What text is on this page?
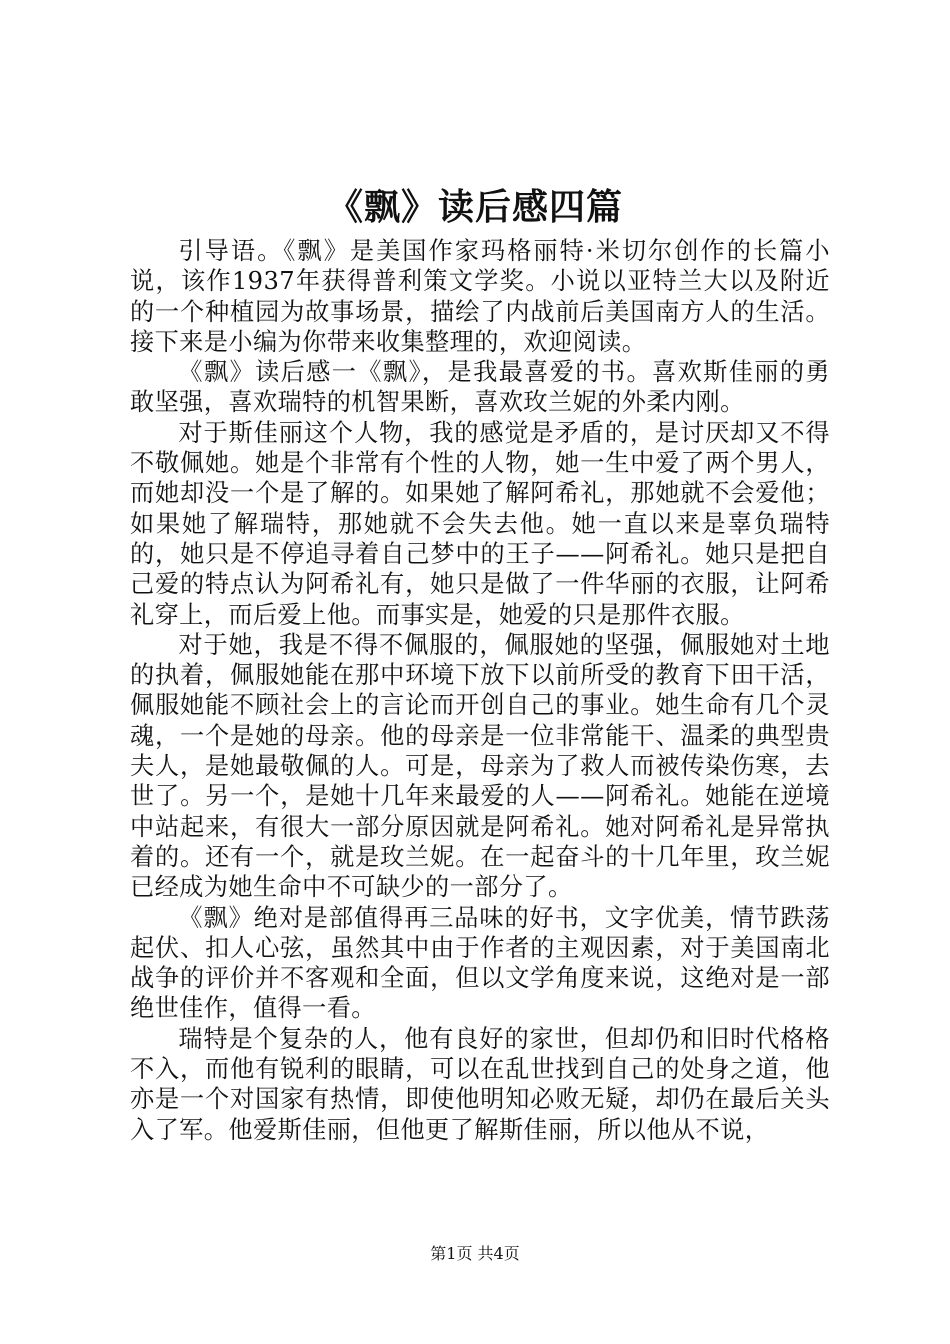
《飘》读后感四篇

引导语。《飘》是美国作家玛格丽特·米切尔创作的长篇小说，该作1937年获得普利策文学奖。小说以亚特兰大以及附近的一个种植园为故事场景，描绘了内战前后美国南方人的生活。接下来是小编为你带来收集整理的，欢迎阅读。

《飘》读后感一《飘》，是我最喜爱的书。喜欢斯佳丽的勇敢坚强，喜欢瑞特的机智果断，喜欢玫兰妮的外柔内刚。

对于斯佳丽这个人物，我的感觉是矛盾的，是讨厌却又不得不敬佩她。她是个非常有个性的人物，她一生中爱了两个男人，而她却没一个是了解的。如果她了解阿希礼，那她就不会爱他；如果她了解瑞特，那她就不会失去他。她一直以来是辜负瑞特的，她只是不停追寻着自己梦中的王子——阿希礼。她只是把自己爱的特点认为阿希礼有，她只是做了一件华丽的衣服，让阿希礼穿上，而后爱上他。而事实是，她爱的只是那件衣服。

对于她，我是不得不佩服的，佩服她的坚强，佩服她对土地的执着，佩服她能在那中环境下放下以前所受的教育下田干活，佩服她能不顾社会上的言论而开创自己的事业。她生命有几个灵魂，一个是她的母亲。他的母亲是一位非常能干、温柔的典型贵夫人，是她最敬佩的人。可是，母亲为了救人而被传染伤寒，去世了。另一个，是她十几年来最爱的人——阿希礼。她能在逆境中站起来，有很大一部分原因就是阿希礼。她对阿希礼是异常执着的。还有一个，就是玫兰妮。在一起奋斗的十几年里，玫兰妮已经成为她生命中不可缺少的一部分了。

《飘》绝对是部值得再三品味的好书，文字优美，情节跌荡起伏、扣人心弦，虽然其中由于作者的主观因素，对于美国南北战争的评价并不客观和全面，但以文学角度来说，这绝对是一部绝世佳作，值得一看。

瑞特是个复杂的人，他有良好的家世，但却仍和旧时代格格不入，而他有锐利的眼睛，可以在乱世找到自己的处身之道，他亦是一个对国家有热情，即使他明知必败无疑，却仍在最后关头入了军。他爱斯佳丽，但他更了解斯佳丽，所以他从不说，

第1页 共4页
